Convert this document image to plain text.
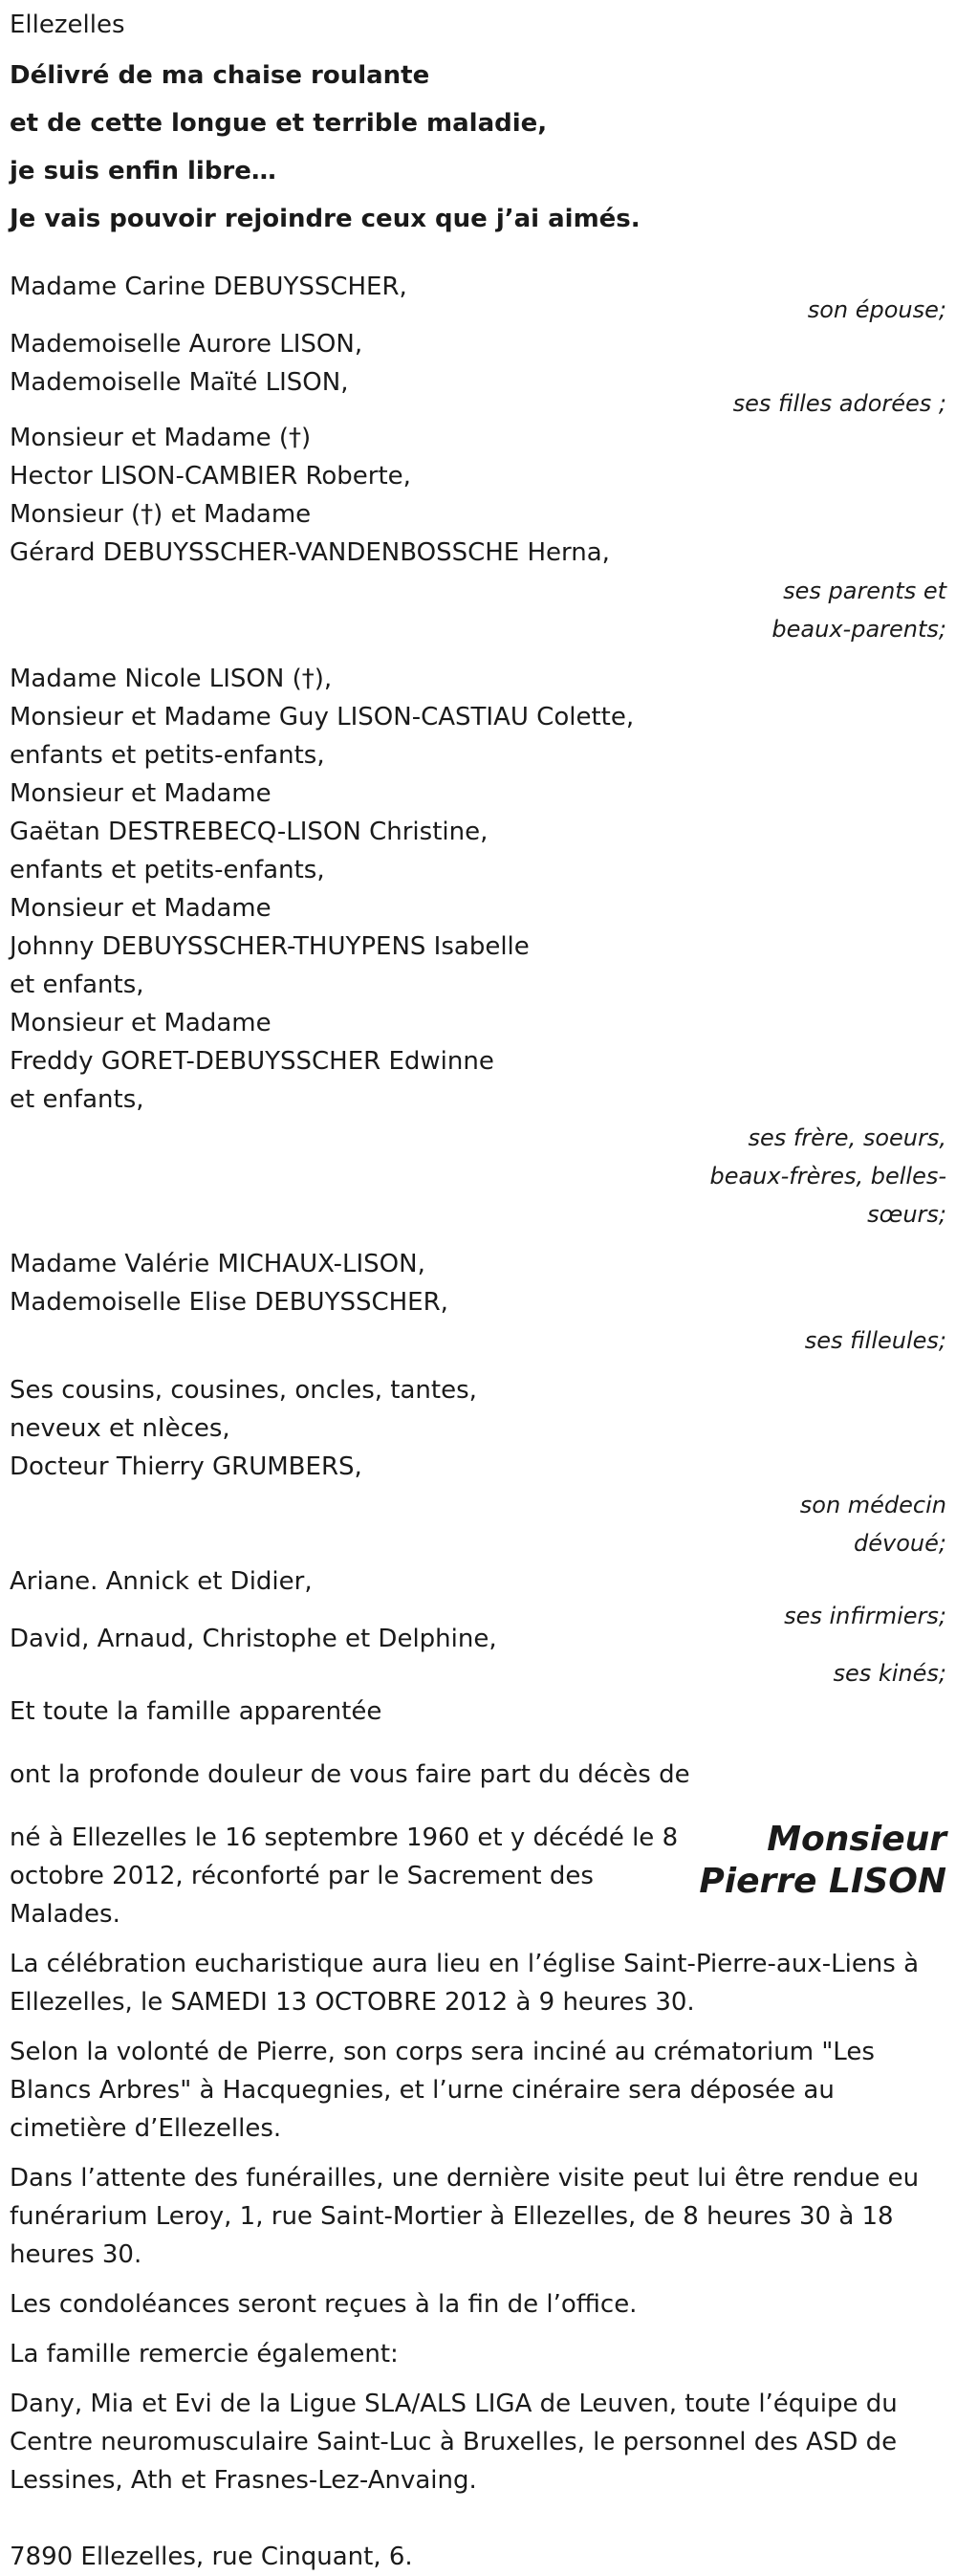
Ellezelles
Délivré de ma chaise roulante
et de cette longue et terrible maladie,
je suis enfin libre…
Je vais pouvoir rejoindre ceux que j’ai aimés.
Madame Carine DEBUYSSCHER,
son épouse;
Mademoiselle Aurore LISON,
Mademoiselle Maïté LISON,
ses filles adorées ;
Monsieur et Madame (†)
Hector LISON-CAMBIER Roberte,
Monsieur (†) et Madame
Gérard DEBUYSSCHER-VANDENBOSSCHE Herna,
ses parents et
beaux-parents;
Madame Nicole LISON (†),
Monsieur et Madame Guy LISON-CASTIAU Colette,
enfants et petits-enfants,
Monsieur et Madame
Gaëtan DESTREBECQ-LISON Christine,
enfants et petits-enfants,
Monsieur et Madame
Johnny DEBUYSSCHER-THUYPENS Isabelle
et enfants,
Monsieur et Madame
Freddy GORET-DEBUYSSCHER Edwinne
et enfants,
ses frère, soeurs,
beaux-frères, belles-
sœurs;
Madame Valérie MICHAUX-LISON,
Mademoiselle Elise DEBUYSSCHER,
ses filleules;
Ses cousins, cousines, oncles, tantes,
neveux et nIèces,
Docteur Thierry GRUMBERS,
son médecin
dévoué;
Ariane. Annick et Didier,
ses infirmiers;
David, Arnaud, Christophe et Delphine,
ses kinés;
Et toute la famille apparentée
ont la profonde douleur de vous faire part du décès de
Monsieur
Pierre LISON

né à Ellezelles le 16 septembre 1960 et y décédé le 8 octobre 2012, réconforté par le Sacrement des Malades.

La célébration eucharistique aura lieu en l’église Saint-Pierre-aux-Liens à Ellezelles, le SAMEDI 13 OCTOBRE 2012 à 9 heures 30.

Selon la volonté de Pierre, son corps sera inciné au crématorium "Les Blancs Arbres" à Hacquegnies, et l’urne cinéraire sera déposée au cimetière d’Ellezelles.

Dans l’attente des funérailles, une dernière visite peut lui être rendue eu funérarium Leroy, 1, rue Saint-Mortier à Ellezelles, de 8 heures 30 à 18 heures 30.

Les condoléances seront reçues à la fin de l’office.

La famille remercie également:

Dany, Mia et Evi de la Ligue SLA/ALS LIGA de Leuven, toute l’équipe du Centre neuromusculaire Saint-Luc à Bruxelles, le personnel des ASD de Lessines, Ath et Frasnes-Lez-Anvaing.

7890 Ellezelles, rue Cinquant, 6.
